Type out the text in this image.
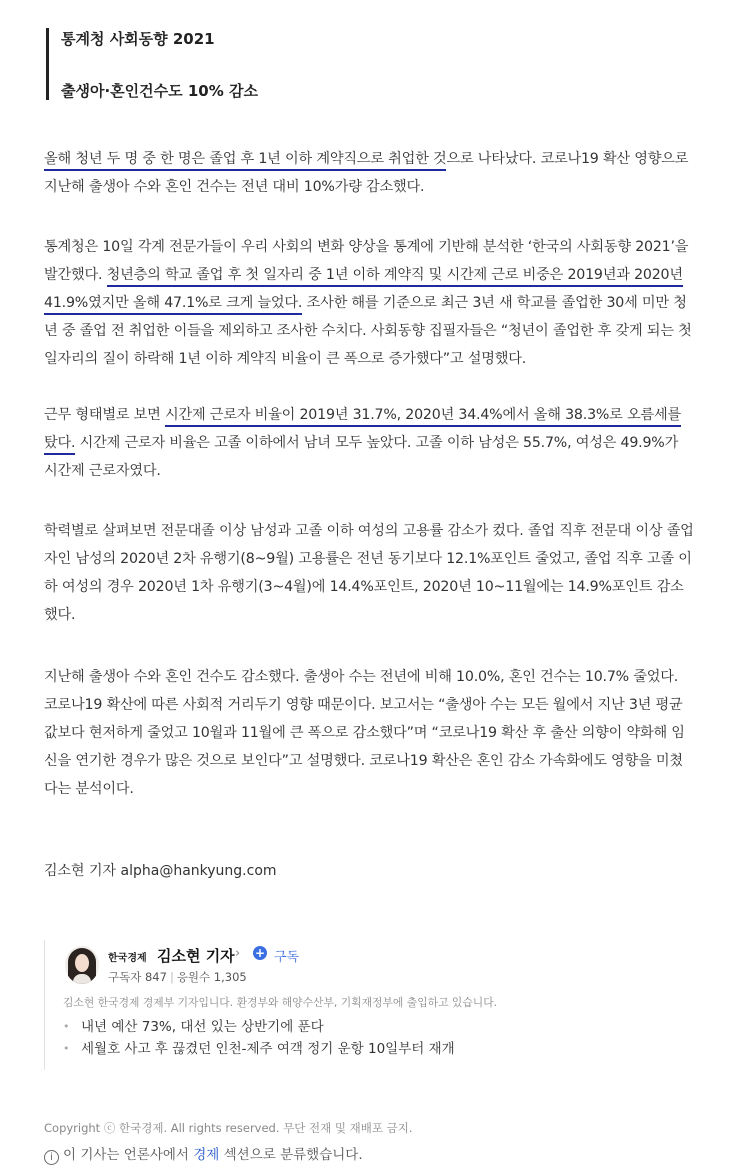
통계청 사회동향 2021
출생아·혼인건수도 10% 감소

올해 청년 두 명 중 한 명은 졸업 후 1년 이하 계약직으로 취업한 것으로 나타났다. 코로나19 확산 영향으로 지난해 출생아 수와 혼인 건수는 전년 대비 10%가량 감소했다.

통계청은 10일 각계 전문가들이 우리 사회의 변화 양상을 통계에 기반해 분석한 ‘한국의 사회동향 2021’을 발간했다. 청년층의 학교 졸업 후 첫 일자리 중 1년 이하 계약직 및 시간제 근로 비중은 2019년과 2020년 41.9%였지만 올해 47.1%로 크게 늘었다. 조사한 해를 기준으로 최근 3년 새 학교를 졸업한 30세 미만 청년 중 졸업 전 취업한 이들을 제외하고 조사한 수치다. 사회동향 집필자들은 “청년이 졸업한 후 갖게 되는 첫 일자리의 질이 하락해 1년 이하 계약직 비율이 큰 폭으로 증가했다”고 설명했다.

근무 형태별로 보면 시간제 근로자 비율이 2019년 31.7%, 2020년 34.4%에서 올해 38.3%로 오름세를 탔다. 시간제 근로자 비율은 고졸 이하에서 남녀 모두 높았다. 고졸 이하 남성은 55.7%, 여성은 49.9%가 시간제 근로자였다.

학력별로 살펴보면 전문대졸 이상 남성과 고졸 이하 여성의 고용률 감소가 컸다. 졸업 직후 전문대 이상 졸업자인 남성의 2020년 2차 유행기(8~9월) 고용률은 전년 동기보다 12.1%포인트 줄었고, 졸업 직후 고졸 이하 여성의 경우 2020년 1차 유행기(3~4월)에 14.4%포인트, 2020년 10~11월에는 14.9%포인트 감소했다.

지난해 출생아 수와 혼인 건수도 감소했다. 출생아 수는 전년에 비해 10.0%, 혼인 건수는 10.7% 줄었다. 코로나19 확산에 따른 사회적 거리두기 영향 때문이다. 보고서는 “출생아 수는 모든 월에서 지난 3년 평균값보다 현저하게 줄었고 10월과 11월에 큰 폭으로 감소했다”며 “코로나19 확산 후 출산 의향이 약화해 임신을 연기한 경우가 많은 것으로 보인다”고 설명했다. 코로나19 확산은 혼인 감소 가속화에도 영향을 미쳤다는 분석이다.

김소현 기자 alpha@hankyung.com
한국경제 김소현 기자 › + 구독
구독자 847 | 응원수 1,305
김소현 한국경제 경제부 기자입니다. 환경부와 해양수산부, 기획재정부에 출입하고 있습니다.
• 내년 예산 73%, 대선 있는 상반기에 푼다
• 세월호 사고 후 끊겼던 인천-제주 여객 정기 운항 10일부터 재개
Copyright ⓒ 한국경제. All rights reserved. 무단 전재 및 재배포 금지.
i 이 기사는 언론사에서 경제 섹션으로 분류했습니다.
